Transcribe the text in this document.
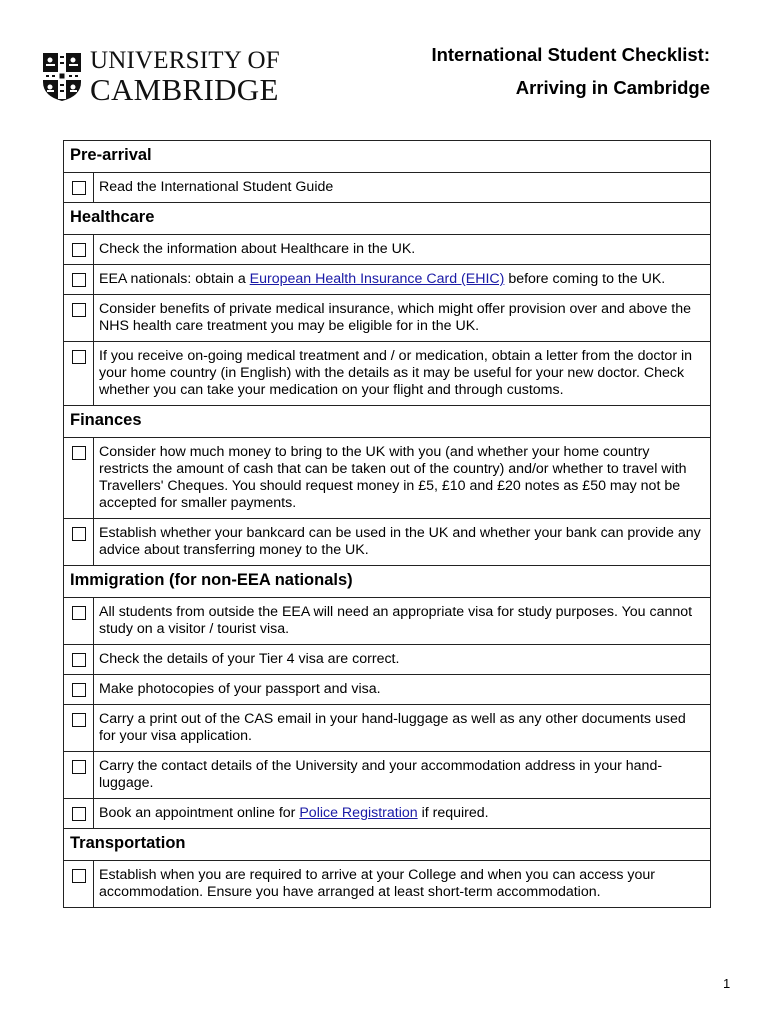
UNIVERSITY OF
CAMBRIDGE
International Student Checklist:
Arriving in Cambridge
Pre-arrival	
	Read the International Student Guide
Healthcare	
	Check the information about Healthcare in the UK.
	EEA nationals: obtain a European Health Insurance Card (EHIC) before coming to the UK.
	Consider benefits of private medical insurance, which might offer provision over and above the NHS health care treatment you may be eligible for in the UK.
	If you receive on-going medical treatment and / or medication, obtain a letter from the doctor in your home country (in English) with the details as it may be useful for your new doctor. Check whether you can take your medication on your flight and through customs.
Finances	
	Consider how much money to bring to the UK with you (and whether your home country restricts the amount of cash that can be taken out of the country) and/or whether to travel with Travellers' Cheques. You should request money in £5, £10 and £20 notes as £50 may not be accepted for smaller payments.
	Establish whether your bankcard can be used in the UK and whether your bank can provide any advice about transferring money to the UK.
Immigration (for non-EEA nationals)	
	All students from outside the EEA will need an appropriate visa for study purposes. You cannot study on a visitor / tourist visa.
	Check the details of your Tier 4 visa are correct.
	Make photocopies of your passport and visa.
	Carry a print out of the CAS email in your hand-luggage as well as any other documents used for your visa application.
	Carry the contact details of the University and your accommodation address in your hand-luggage.
	Book an appointment online for Police Registration if required.
Transportation	
	Establish when you are required to arrive at your College and when you can access your accommodation. Ensure you have arranged at least short-term accommodation.
1
